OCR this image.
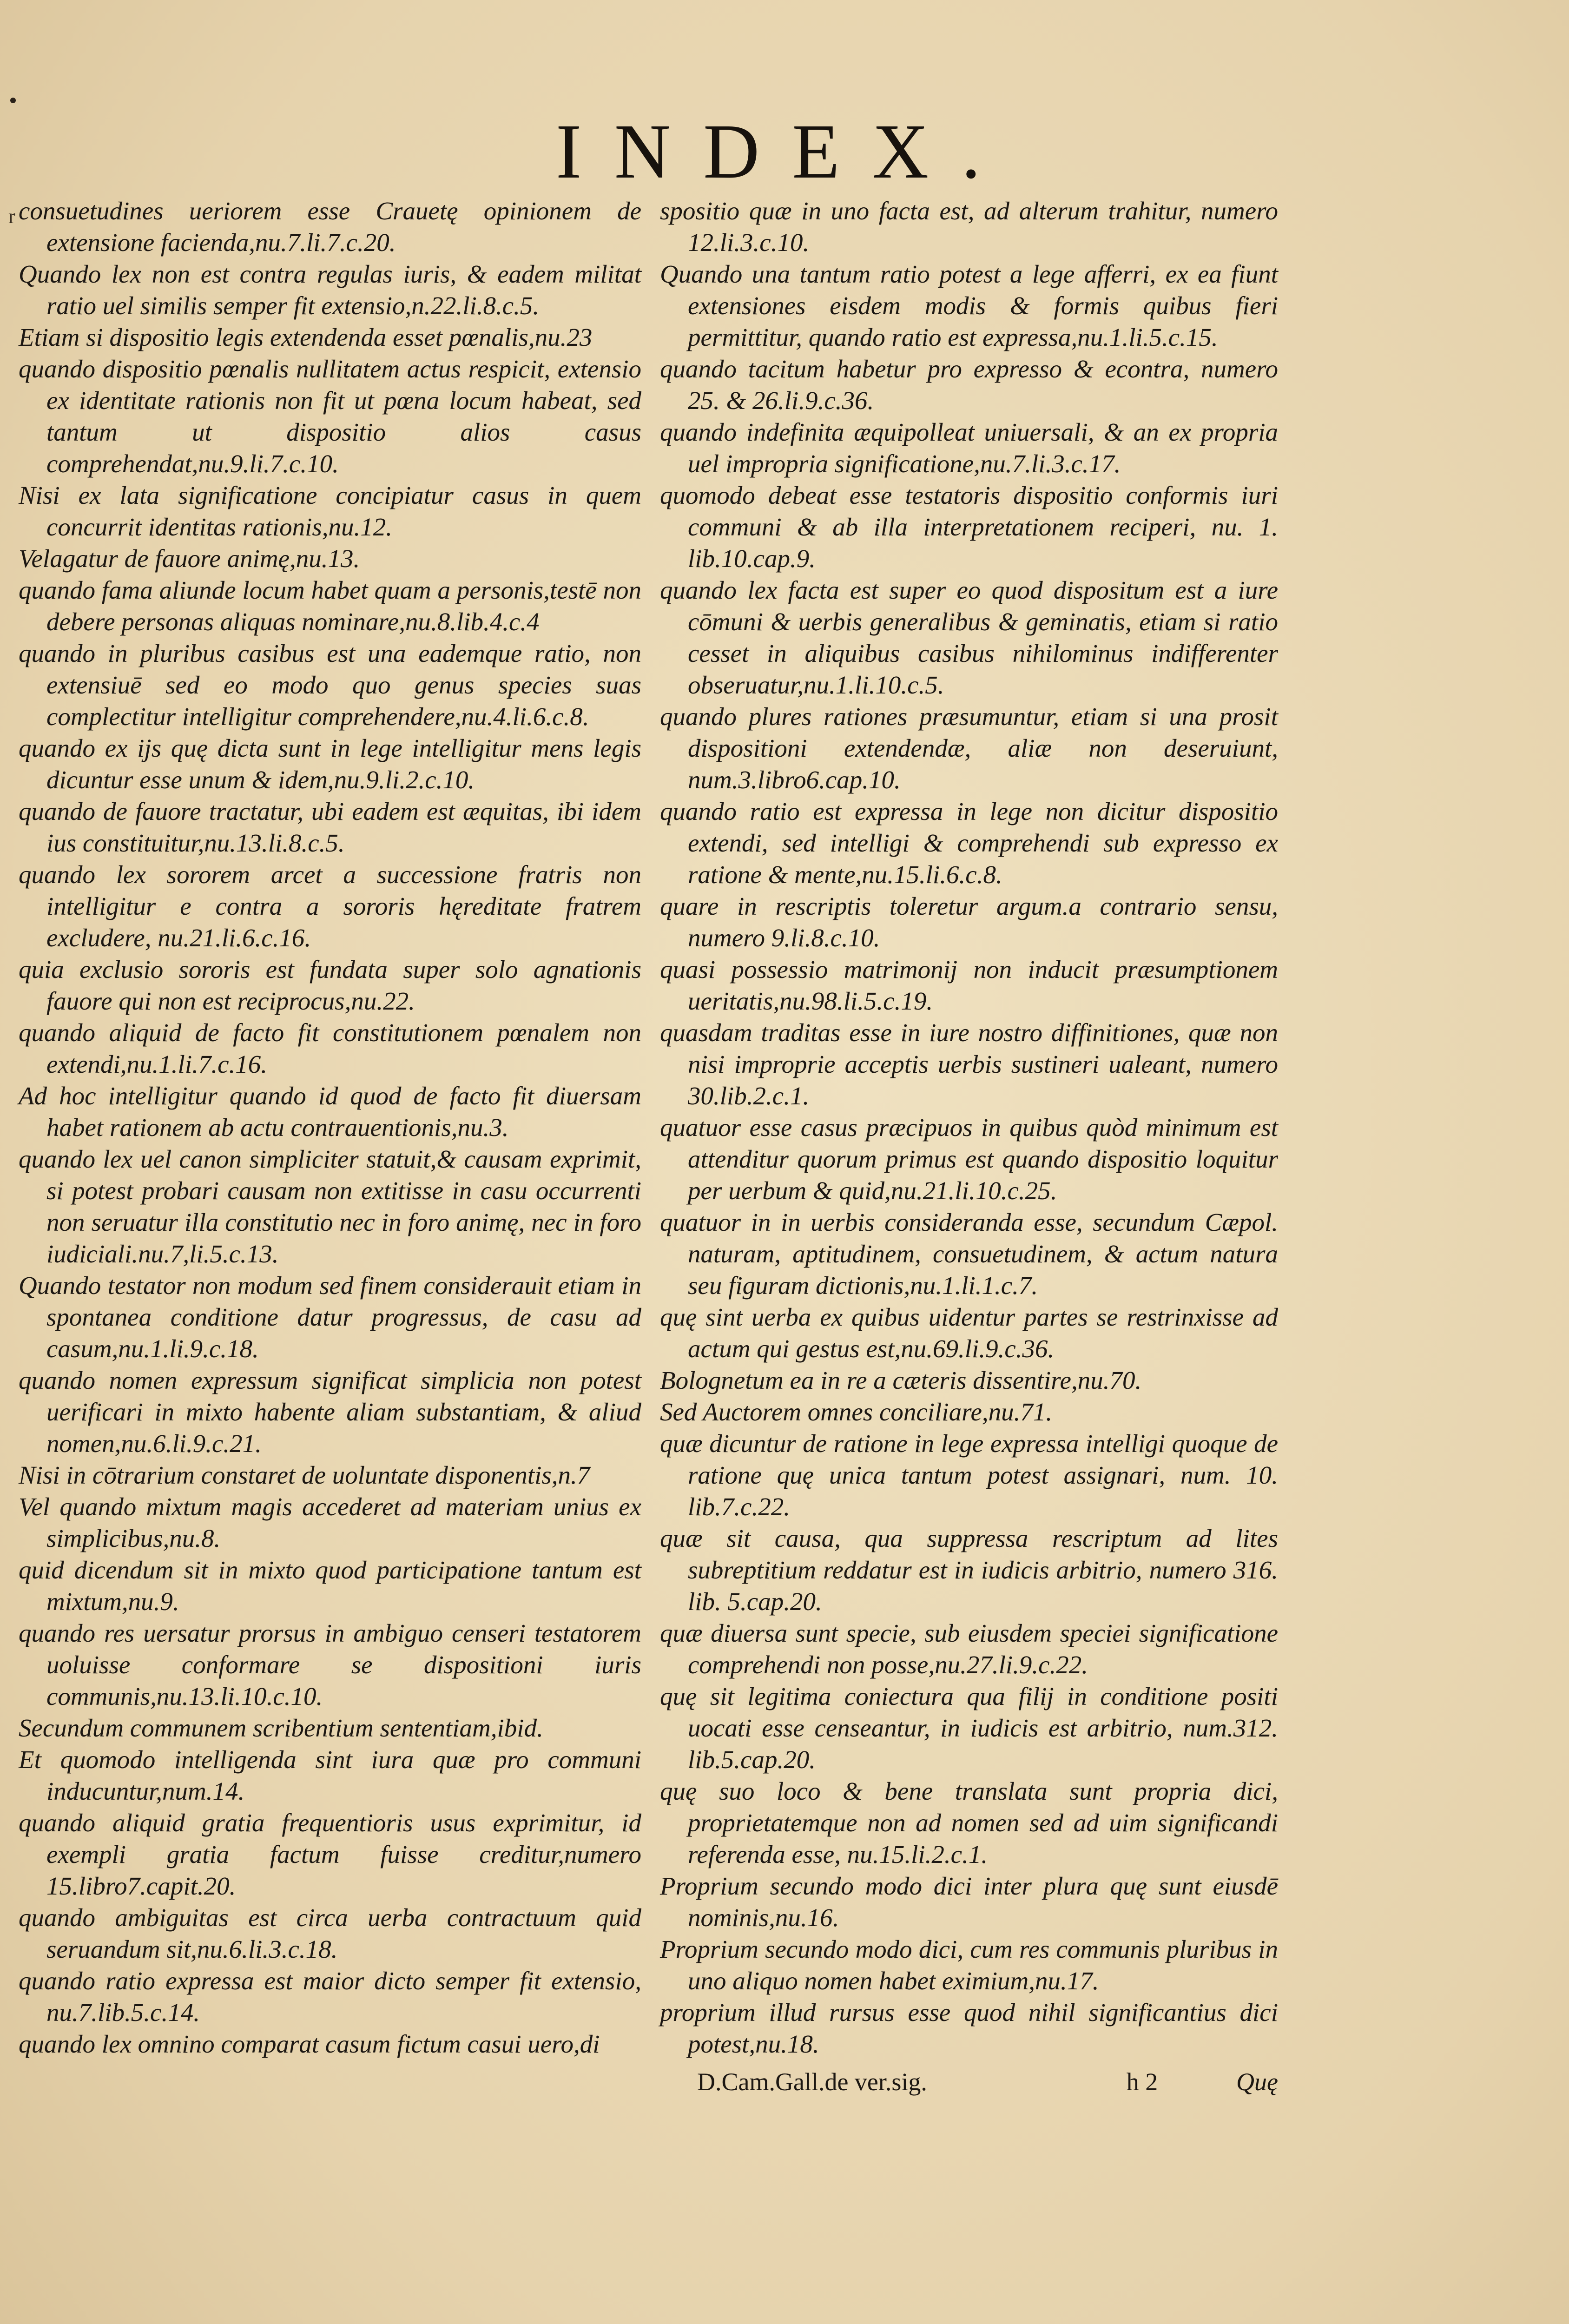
r
INDEX.

consuetudines ueriorem esse Crauetę opinionem de extensione facienda,nu.7.li.7.c.20.

Quando lex non est contra regulas iuris, & eadem militat ratio uel similis semper fit extensio,n.22.li.8.c.5.

Etiam si dispositio legis extendenda esset pœnalis,nu.23

quando dispositio pœnalis nullitatem actus respicit, extensio ex identitate rationis non fit ut pœna locum habeat, sed tantum ut dispositio alios casus comprehendat,nu.9.li.7.c.10.

Nisi ex lata significatione concipiatur casus in quem concurrit identitas rationis,nu.12.

Velagatur de fauore animę,nu.13.

quando fama aliunde locum habet quam a personis,testē non debere personas aliquas nominare,nu.8.lib.4.c.4

quando in pluribus casibus est una eademque ratio, non extensiuē sed eo modo quo genus species suas complectitur intelligitur comprehendere,nu.4.li.6.c.8.

quando ex ijs quę dicta sunt in lege intelligitur mens legis dicuntur esse unum & idem,nu.9.li.2.c.10.

quando de fauore tractatur, ubi eadem est æquitas, ibi idem ius constituitur,nu.13.li.8.c.5.

quando lex sororem arcet a successione fratris non intelligitur e contra a sororis hęreditate fratrem excludere, nu.21.li.6.c.16.

quia exclusio sororis est fundata super solo agnationis fauore qui non est reciprocus,nu.22.

quando aliquid de facto fit constitutionem pœnalem non extendi,nu.1.li.7.c.16.

Ad hoc intelligitur quando id quod de facto fit diuersam habet rationem ab actu contrauentionis,nu.3.

quando lex uel canon simpliciter statuit,& causam exprimit, si potest probari causam non extitisse in casu occurrenti non seruatur illa constitutio nec in foro animę, nec in foro iudiciali.nu.7,li.5.c.13.

Quando testator non modum sed finem considerauit etiam in spontanea conditione datur progressus, de casu ad casum,nu.1.li.9.c.18.

quando nomen expressum significat simplicia non potest uerificari in mixto habente aliam substantiam, & aliud nomen,nu.6.li.9.c.21.

Nisi in cōtrarium constaret de uoluntate disponentis,n.7

Vel quando mixtum magis accederet ad materiam unius ex simplicibus,nu.8.

quid dicendum sit in mixto quod participatione tantum est mixtum,nu.9.

quando res uersatur prorsus in ambiguo censeri testatorem uoluisse conformare se dispositioni iuris communis,nu.13.li.10.c.10.

Secundum communem scribentium sententiam,ibid.

Et quomodo intelligenda sint iura quæ pro communi inducuntur,num.14.

quando aliquid gratia frequentioris usus exprimitur, id exempli gratia factum fuisse creditur,numero 15.libro7.capit.20.

quando ambiguitas est circa uerba contractuum quid seruandum sit,nu.6.li.3.c.18.

quando ratio expressa est maior dicto semper fit extensio, nu.7.lib.5.c.14.

quando lex omnino comparat casum fictum casui uero,di

spositio quæ in uno facta est, ad alterum trahitur, numero 12.li.3.c.10.

Quando una tantum ratio potest a lege afferri, ex ea fiunt extensiones eisdem modis & formis quibus fieri permittitur, quando ratio est expressa,nu.1.li.5.c.15.

quando tacitum habetur pro expresso & econtra, numero 25. & 26.li.9.c.36.

quando indefinita æquipolleat uniuersali, & an ex propria uel impropria significatione,nu.7.li.3.c.17.

quomodo debeat esse testatoris dispositio conformis iuri communi & ab illa interpretationem reciperi, nu. 1. lib.10.cap.9.

quando lex facta est super eo quod dispositum est a iure cōmuni & uerbis generalibus & geminatis, etiam si ratio cesset in aliquibus casibus nihilominus indifferenter obseruatur,nu.1.li.10.c.5.

quando plures rationes præsumuntur, etiam si una prosit dispositioni extendendæ, aliæ non deseruiunt, num.3.libro6.cap.10.

quando ratio est expressa in lege non dicitur dispositio extendi, sed intelligi & comprehendi sub expresso ex ratione & mente,nu.15.li.6.c.8.

quare in rescriptis toleretur argum.a contrario sensu, numero 9.li.8.c.10.

quasi possessio matrimonij non inducit præsumptionem ueritatis,nu.98.li.5.c.19.

quasdam traditas esse in iure nostro diffinitiones, quæ non nisi improprie acceptis uerbis sustineri ualeant, numero 30.lib.2.c.1.

quatuor esse casus præcipuos in quibus quòd minimum est attenditur quorum primus est quando dispositio loquitur per uerbum & quid,nu.21.li.10.c.25.

quatuor in in uerbis consideranda esse, secundum Cæpol. naturam, aptitudinem, consuetudinem, & actum natura seu figuram dictionis,nu.1.li.1.c.7.

quę sint uerba ex quibus uidentur partes se restrinxisse ad actum qui gestus est,nu.69.li.9.c.36.

Bolognetum ea in re a cæteris dissentire,nu.70.

Sed Auctorem omnes conciliare,nu.71.

quæ dicuntur de ratione in lege expressa intelligi quoque de ratione quę unica tantum potest assignari, num. 10. lib.7.c.22.

quæ sit causa, qua suppressa rescriptum ad lites subreptitium reddatur est in iudicis arbitrio, numero 316. lib. 5.cap.20.

quæ diuersa sunt specie, sub eiusdem speciei significatione comprehendi non posse,nu.27.li.9.c.22.

quę sit legitima coniectura qua filij in conditione positi uocati esse censeantur, in iudicis est arbitrio, num.312. lib.5.cap.20.

quę suo loco & bene translata sunt propria dici, proprietatemque non ad nomen sed ad uim significandi referenda esse, nu.15.li.2.c.1.

Proprium secundo modo dici inter plura quę sunt eiusdē nominis,nu.16.

Proprium secundo modo dici, cum res communis pluribus in uno aliquo nomen habet eximium,nu.17.

proprium illud rursus esse quod nihil significantius dici potest,nu.18.

D.Cam.Gall.de ver.sig.	h 2	Quę
